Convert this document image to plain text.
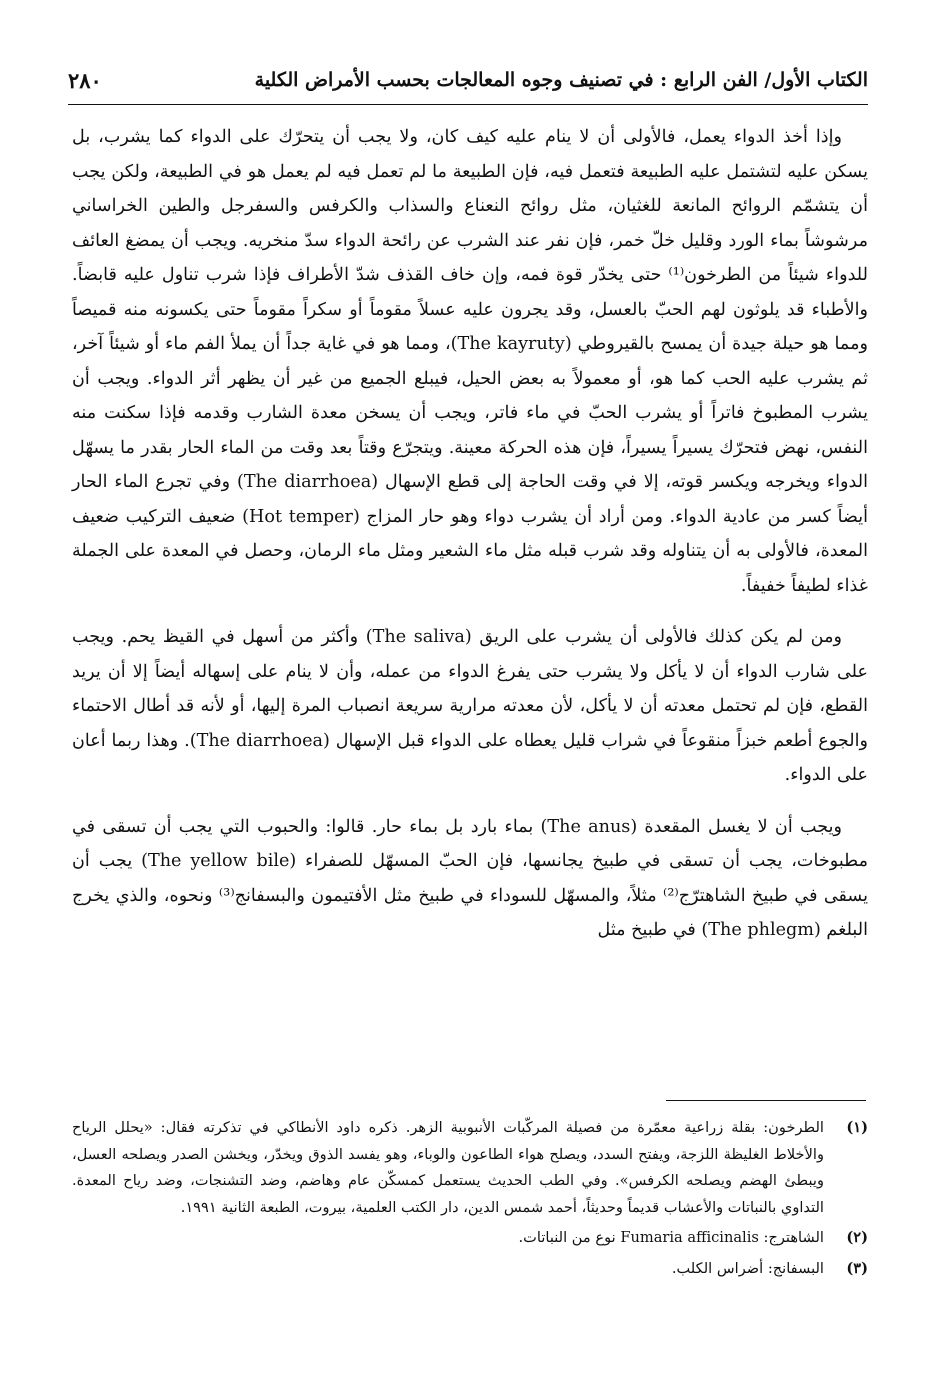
الكتاب الأول/ الفن الرابع : في تصنيف وجوه المعالجات بحسب الأمراض الكلية
٢٨٠

وإذا أخذ الدواء يعمل، فالأولى أن لا ينام عليه كيف كان، ولا يجب أن يتحرّك على الدواء كما يشرب، بل يسكن عليه لتشتمل عليه الطبيعة فتعمل فيه، فإن الطبيعة ما لم تعمل فيه لم يعمل هو في الطبيعة، ولكن يجب أن يتشمّم الروائح المانعة للغثيان، مثل روائح النعناع والسذاب والكرفس والسفرجل والطين الخراساني مرشوشاً بماء الورد وقليل خلّ خمر، فإن نفر عند الشرب عن رائحة الدواء سدّ منخريه. ويجب أن يمضغ العائف للدواء شيئاً من الطرخون⁽¹⁾ حتى يخدّر قوة فمه، وإن خاف القذف شدّ الأطراف فإذا شرب تناول عليه قابضاً. والأطباء قد يلوثون لهم الحبّ بالعسل، وقد يجرون عليه عسلاً مقوماً أو سكراً مقوماً حتى يكسونه منه قميصاً ومما هو حيلة جيدة أن يمسح بالقيروطي (The kayruty)، ومما هو في غاية جداً أن يملأ الفم ماء أو شيئاً آخر، ثم يشرب عليه الحب كما هو، أو معمولاً به بعض الحيل، فيبلع الجميع من غير أن يظهر أثر الدواء. ويجب أن يشرب المطبوخ فاتراً أو يشرب الحبّ في ماء فاتر، ويجب أن يسخن معدة الشارب وقدمه فإذا سكنت منه النفس، نهض فتحرّك يسيراً يسيراً، فإن هذه الحركة معينة. ويتجرّع وقتاً بعد وقت من الماء الحار بقدر ما يسهّل الدواء ويخرجه ويكسر قوته، إلا في وقت الحاجة إلى قطع الإسهال (The diarrhoea) وفي تجرع الماء الحار أيضاً كسر من عادية الدواء. ومن أراد أن يشرب دواء وهو حار المزاج (Hot temper) ضعيف التركيب ضعيف المعدة، فالأولى به أن يتناوله وقد شرب قبله مثل ماء الشعير ومثل ماء الرمان، وحصل في المعدة على الجملة غذاء لطيفاً خفيفاً.

ومن لم يكن كذلك فالأولى أن يشرب على الريق (The saliva) وأكثر من أسهل في القيظ يحم. ويجب على شارب الدواء أن لا يأكل ولا يشرب حتى يفرغ الدواء من عمله، وأن لا ينام على إسهاله أيضاً إلا أن يريد القطع، فإن لم تحتمل معدته أن لا يأكل، لأن معدته مرارية سريعة انصباب المرة إليها، أو لأنه قد أطال الاحتماء والجوع أطعم خبزاً منقوعاً في شراب قليل يعطاه على الدواء قبل الإسهال (The diarrhoea). وهذا ربما أعان على الدواء.

ويجب أن لا يغسل المقعدة (The anus) بماء بارد بل بماء حار. قالوا: والحبوب التي يجب أن تسقى في مطبوخات، يجب أن تسقى في طبيخ يجانسها، فإن الحبّ المسهّل للصفراء (The yellow bile) يجب أن يسقى في طبيخ الشاهترّج⁽²⁾ مثلاً، والمسهّل للسوداء في طبيخ مثل الأفتيمون والبسفانج⁽³⁾ ونحوه، والذي يخرج البلغم (The phlegm) في طبيخ مثل

(١)
الطرخون: بقلة زراعية معمّرة من فصيلة المركّبات الأنبوبية الزهر. ذكره داود الأنطاكي في تذكرته فقال: «يحلل الرياح والأخلاط الغليظة اللزجة، ويفتح السدد، ويصلح هواء الطاعون والوباء، وهو يفسد الذوق ويخدّر، ويخشن الصدر ويصلحه العسل، ويبطئ الهضم ويصلحه الكرفس». وفي الطب الحديث يستعمل كمسكّن عام وهاضم، وضد التشنجات، وضد رياح المعدة. التداوي بالنباتات والأعشاب قديماً وحديثاً، أحمد شمس الدين، دار الكتب العلمية، بيروت، الطبعة الثانية ١٩٩١.
(٢)
الشاهترج: Fumaria afficinalis نوع من النباتات.
(٣)
البسفانج: أضراس الكلب.
